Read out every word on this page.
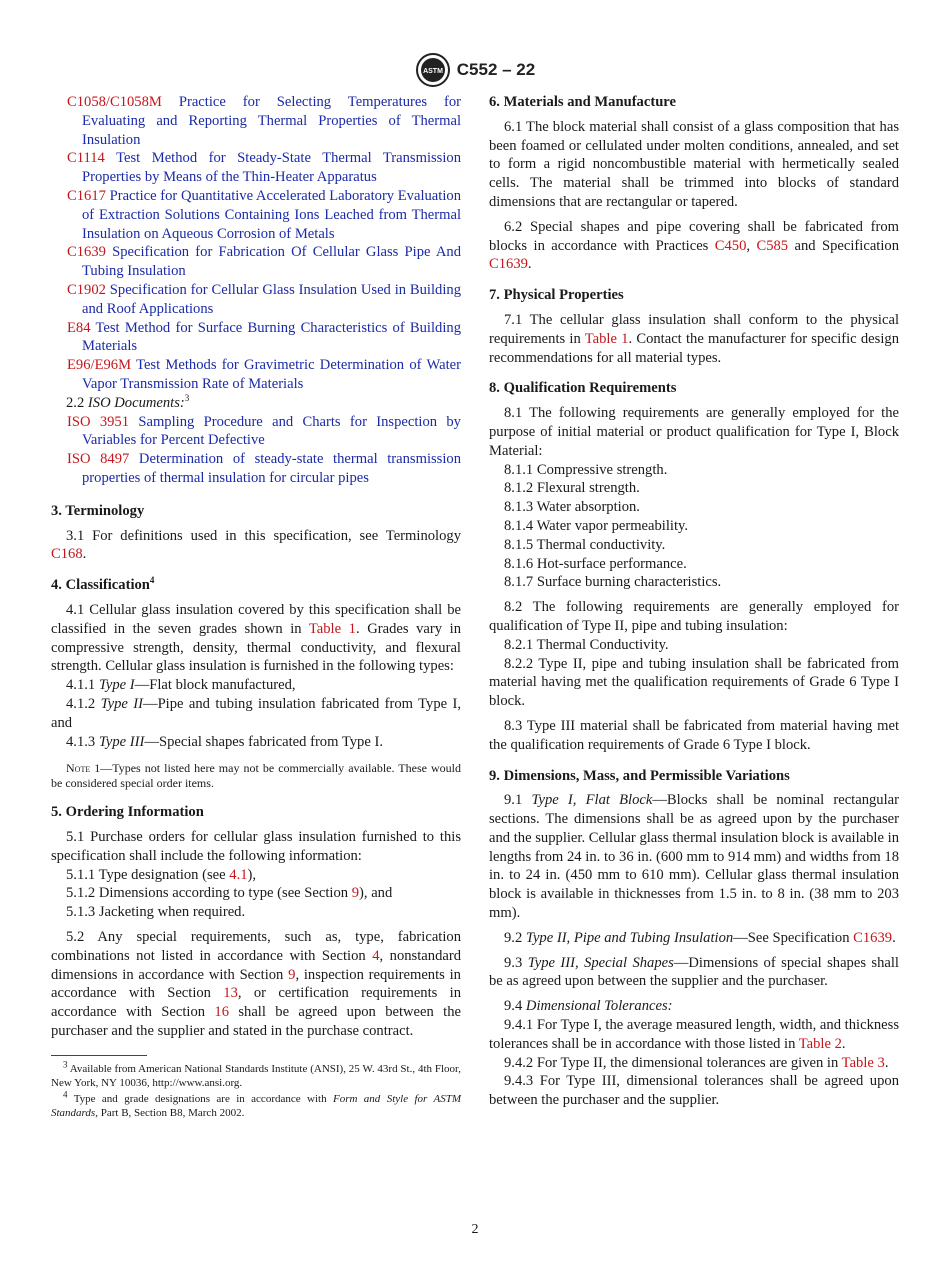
ASTM C552 – 22

C1058/C1058M Practice for Selecting Temperatures for Evaluating and Reporting Thermal Properties of Thermal Insulation

C1114 Test Method for Steady-State Thermal Transmission Properties by Means of the Thin-Heater Apparatus

C1617 Practice for Quantitative Accelerated Laboratory Evaluation of Extraction Solutions Containing Ions Leached from Thermal Insulation on Aqueous Corrosion of Metals

C1639 Specification for Fabrication Of Cellular Glass Pipe And Tubing Insulation

C1902 Specification for Cellular Glass Insulation Used in Building and Roof Applications

E84 Test Method for Surface Burning Characteristics of Building Materials

E96/E96M Test Methods for Gravimetric Determination of Water Vapor Transmission Rate of Materials

2.2 ISO Documents:$^3$

ISO 3951 Sampling Procedure and Charts for Inspection by Variables for Percent Defective

ISO 8497 Determination of steady-state thermal transmission properties of thermal insulation for circular pipes

3. Terminology

3.1 For definitions used in this specification, see Terminology C168.

4. Classification$^4$

4.1 Cellular glass insulation covered by this specification shall be classified in the seven grades shown in Table 1. Grades vary in compressive strength, density, thermal conductivity, and flexural strength. Cellular glass insulation is furnished in the following types:

4.1.1 Type I—Flat block manufactured,

4.1.2 Type II—Pipe and tubing insulation fabricated from Type I, and

4.1.3 Type III—Special shapes fabricated from Type I.

Note 1—Types not listed here may not be commercially available. These would be considered special order items.

5. Ordering Information

5.1 Purchase orders for cellular glass insulation furnished to this specification shall include the following information:

5.1.1 Type designation (see 4.1),

5.1.2 Dimensions according to type (see Section 9), and

5.1.3 Jacketing when required.

5.2 Any special requirements, such as, type, fabrication combinations not listed in accordance with Section 4, nonstandard dimensions in accordance with Section 9, inspection requirements in accordance with Section 13, or certification requirements in accordance with Section 16 shall be agreed upon between the purchaser and the supplier and stated in the purchase contract.

$^3$ Available from American National Standards Institute (ANSI), 25 W. 43rd St., 4th Floor, New York, NY 10036, http://www.ansi.org.

$^4$ Type and grade designations are in accordance with Form and Style for ASTM Standards, Part B, Section B8, March 2002.

6. Materials and Manufacture

6.1 The block material shall consist of a glass composition that has been foamed or cellulated under molten conditions, annealed, and set to form a rigid noncombustible material with hermetically sealed cells. The material shall be trimmed into blocks of standard dimensions that are rectangular or tapered.

6.2 Special shapes and pipe covering shall be fabricated from blocks in accordance with Practices C450, C585 and Specification C1639.

7. Physical Properties

7.1 The cellular glass insulation shall conform to the physical requirements in Table 1. Contact the manufacturer for specific design recommendations for all material types.

8. Qualification Requirements

8.1 The following requirements are generally employed for the purpose of initial material or product qualification for Type I, Block Material:

8.1.1 Compressive strength.

8.1.2 Flexural strength.

8.1.3 Water absorption.

8.1.4 Water vapor permeability.

8.1.5 Thermal conductivity.

8.1.6 Hot-surface performance.

8.1.7 Surface burning characteristics.

8.2 The following requirements are generally employed for qualification of Type II, pipe and tubing insulation:

8.2.1 Thermal Conductivity.

8.2.2 Type II, pipe and tubing insulation shall be fabricated from material having met the qualification requirements of Grade 6 Type I block.

8.3 Type III material shall be fabricated from material having met the qualification requirements of Grade 6 Type I block.

9. Dimensions, Mass, and Permissible Variations

9.1 Type I, Flat Block—Blocks shall be nominal rectangular sections. The dimensions shall be as agreed upon by the purchaser and the supplier. Cellular glass thermal insulation block is available in lengths from 24 in. to 36 in. (600 mm to 914 mm) and widths from 18 in. to 24 in. (450 mm to 610 mm). Cellular glass thermal insulation block is available in thicknesses from 1.5 in. to 8 in. (38 mm to 203 mm).

9.2 Type II, Pipe and Tubing Insulation—See Specification C1639.

9.3 Type III, Special Shapes—Dimensions of special shapes shall be as agreed upon between the supplier and the purchaser.

9.4 Dimensional Tolerances:

9.4.1 For Type I, the average measured length, width, and thickness tolerances shall be in accordance with those listed in Table 2.

9.4.2 For Type II, the dimensional tolerances are given in Table 3.

9.4.3 For Type III, dimensional tolerances shall be agreed upon between the purchaser and the supplier.

2
